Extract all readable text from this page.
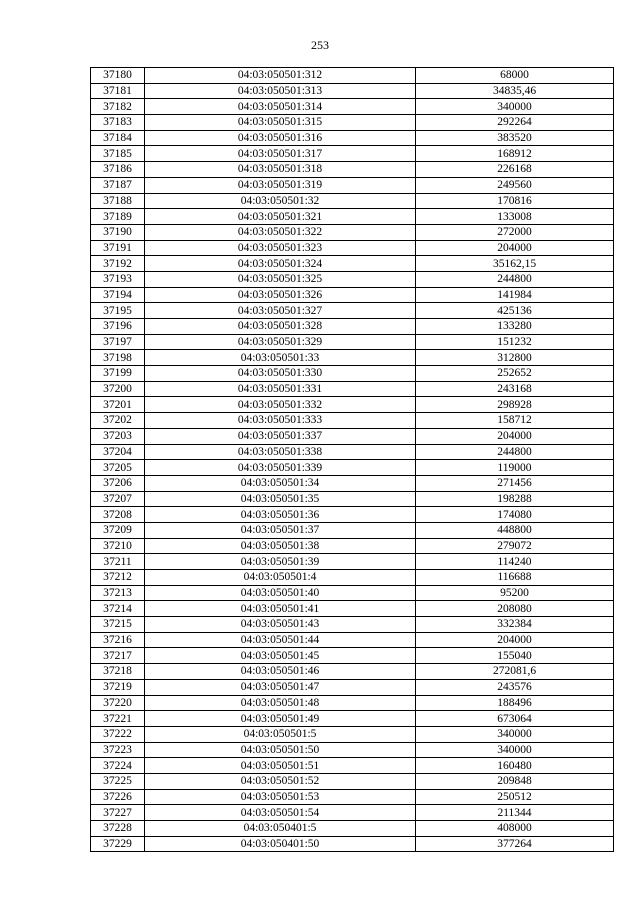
253
37180	04:03:050501:312	68000
37181	04:03:050501:313	34835,46
37182	04:03:050501:314	340000
37183	04:03:050501:315	292264
37184	04:03:050501:316	383520
37185	04:03:050501:317	168912
37186	04:03:050501:318	226168
37187	04:03:050501:319	249560
37188	04:03:050501:32	170816
37189	04:03:050501:321	133008
37190	04:03:050501:322	272000
37191	04:03:050501:323	204000
37192	04:03:050501:324	35162,15
37193	04:03:050501:325	244800
37194	04:03:050501:326	141984
37195	04:03:050501:327	425136
37196	04:03:050501:328	133280
37197	04:03:050501:329	151232
37198	04:03:050501:33	312800
37199	04:03:050501:330	252652
37200	04:03:050501:331	243168
37201	04:03:050501:332	298928
37202	04:03:050501:333	158712
37203	04:03:050501:337	204000
37204	04:03:050501:338	244800
37205	04:03:050501:339	119000
37206	04:03:050501:34	271456
37207	04:03:050501:35	198288
37208	04:03:050501:36	174080
37209	04:03:050501:37	448800
37210	04:03:050501:38	279072
37211	04:03:050501:39	114240
37212	04:03:050501:4	116688
37213	04:03:050501:40	95200
37214	04:03:050501:41	208080
37215	04:03:050501:43	332384
37216	04:03:050501:44	204000
37217	04:03:050501:45	155040
37218	04:03:050501:46	272081,6
37219	04:03:050501:47	243576
37220	04:03:050501:48	188496
37221	04:03:050501:49	673064
37222	04:03:050501:5	340000
37223	04:03:050501:50	340000
37224	04:03:050501:51	160480
37225	04:03:050501:52	209848
37226	04:03:050501:53	250512
37227	04:03:050501:54	211344
37228	04:03:050401:5	408000
37229	04:03:050401:50	377264
